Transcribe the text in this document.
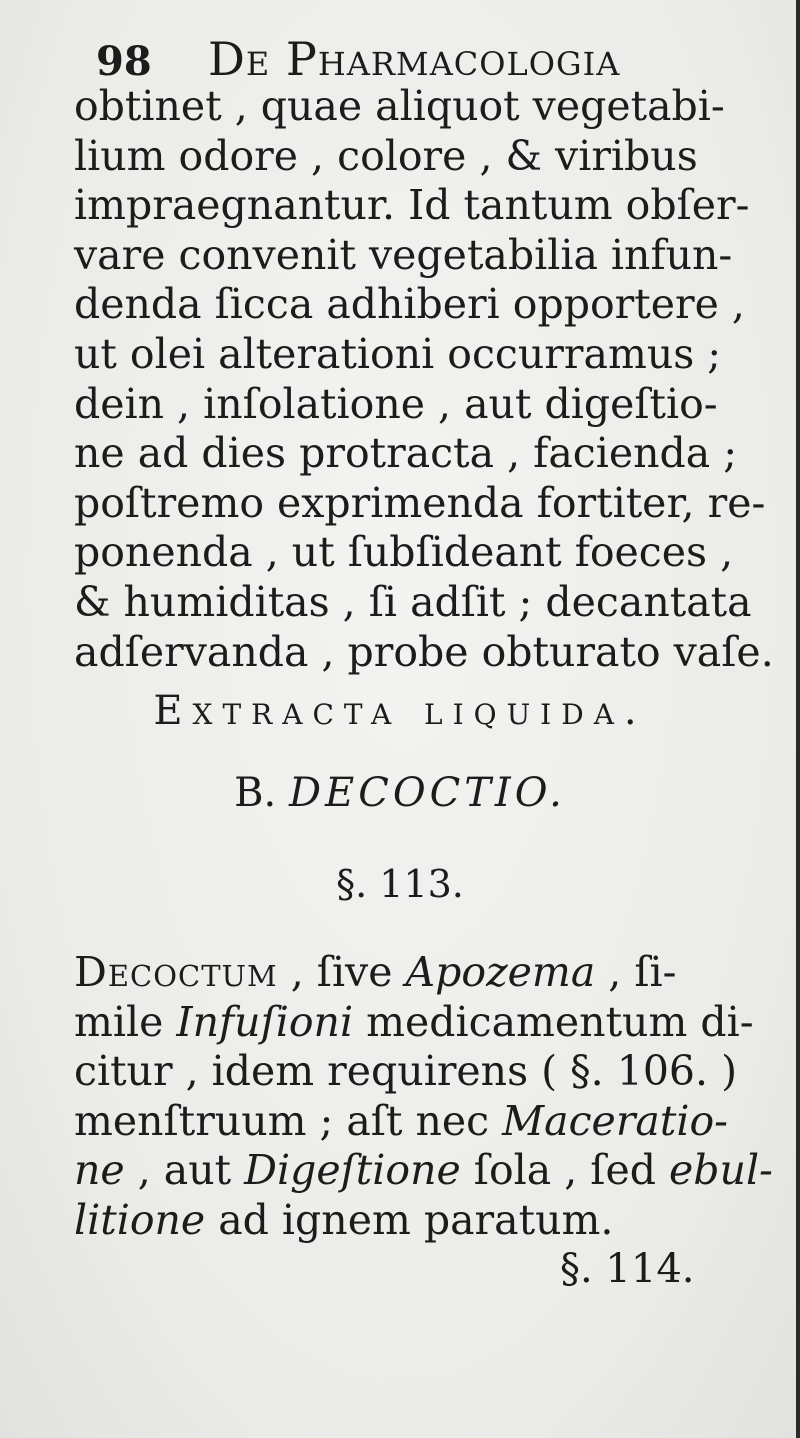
98 De Pharmacologia
obtinet , quae aliquot vegetabi-
lium odore , colore , & viribus
impraegnantur. Id tantum obſer-
vare convenit vegetabilia infun-
denda ſicca adhiberi opportere ,
ut olei alterationi occurramus ;
dein , inſolatione , aut digeſtio-
ne ad dies protracta , facienda ;
poſtremo exprimenda fortiter, re-
ponenda , ut ſubſideant foeces ,
& humiditas , ſi adſit ; decantata
adſervanda , probe obturato vaſe.
Extracta liquida.
B. DECOCTIO.
§. 113.
Decoctum , ſive Apozema , ſi-
mile Infuſioni medicamentum di-
citur , idem requirens ( §. 106. )
menſtruum ; aſt nec Maceratio-
ne , aut Digeſtione ſola , ſed ebul-
litione ad ignem paratum.
§. 114.
